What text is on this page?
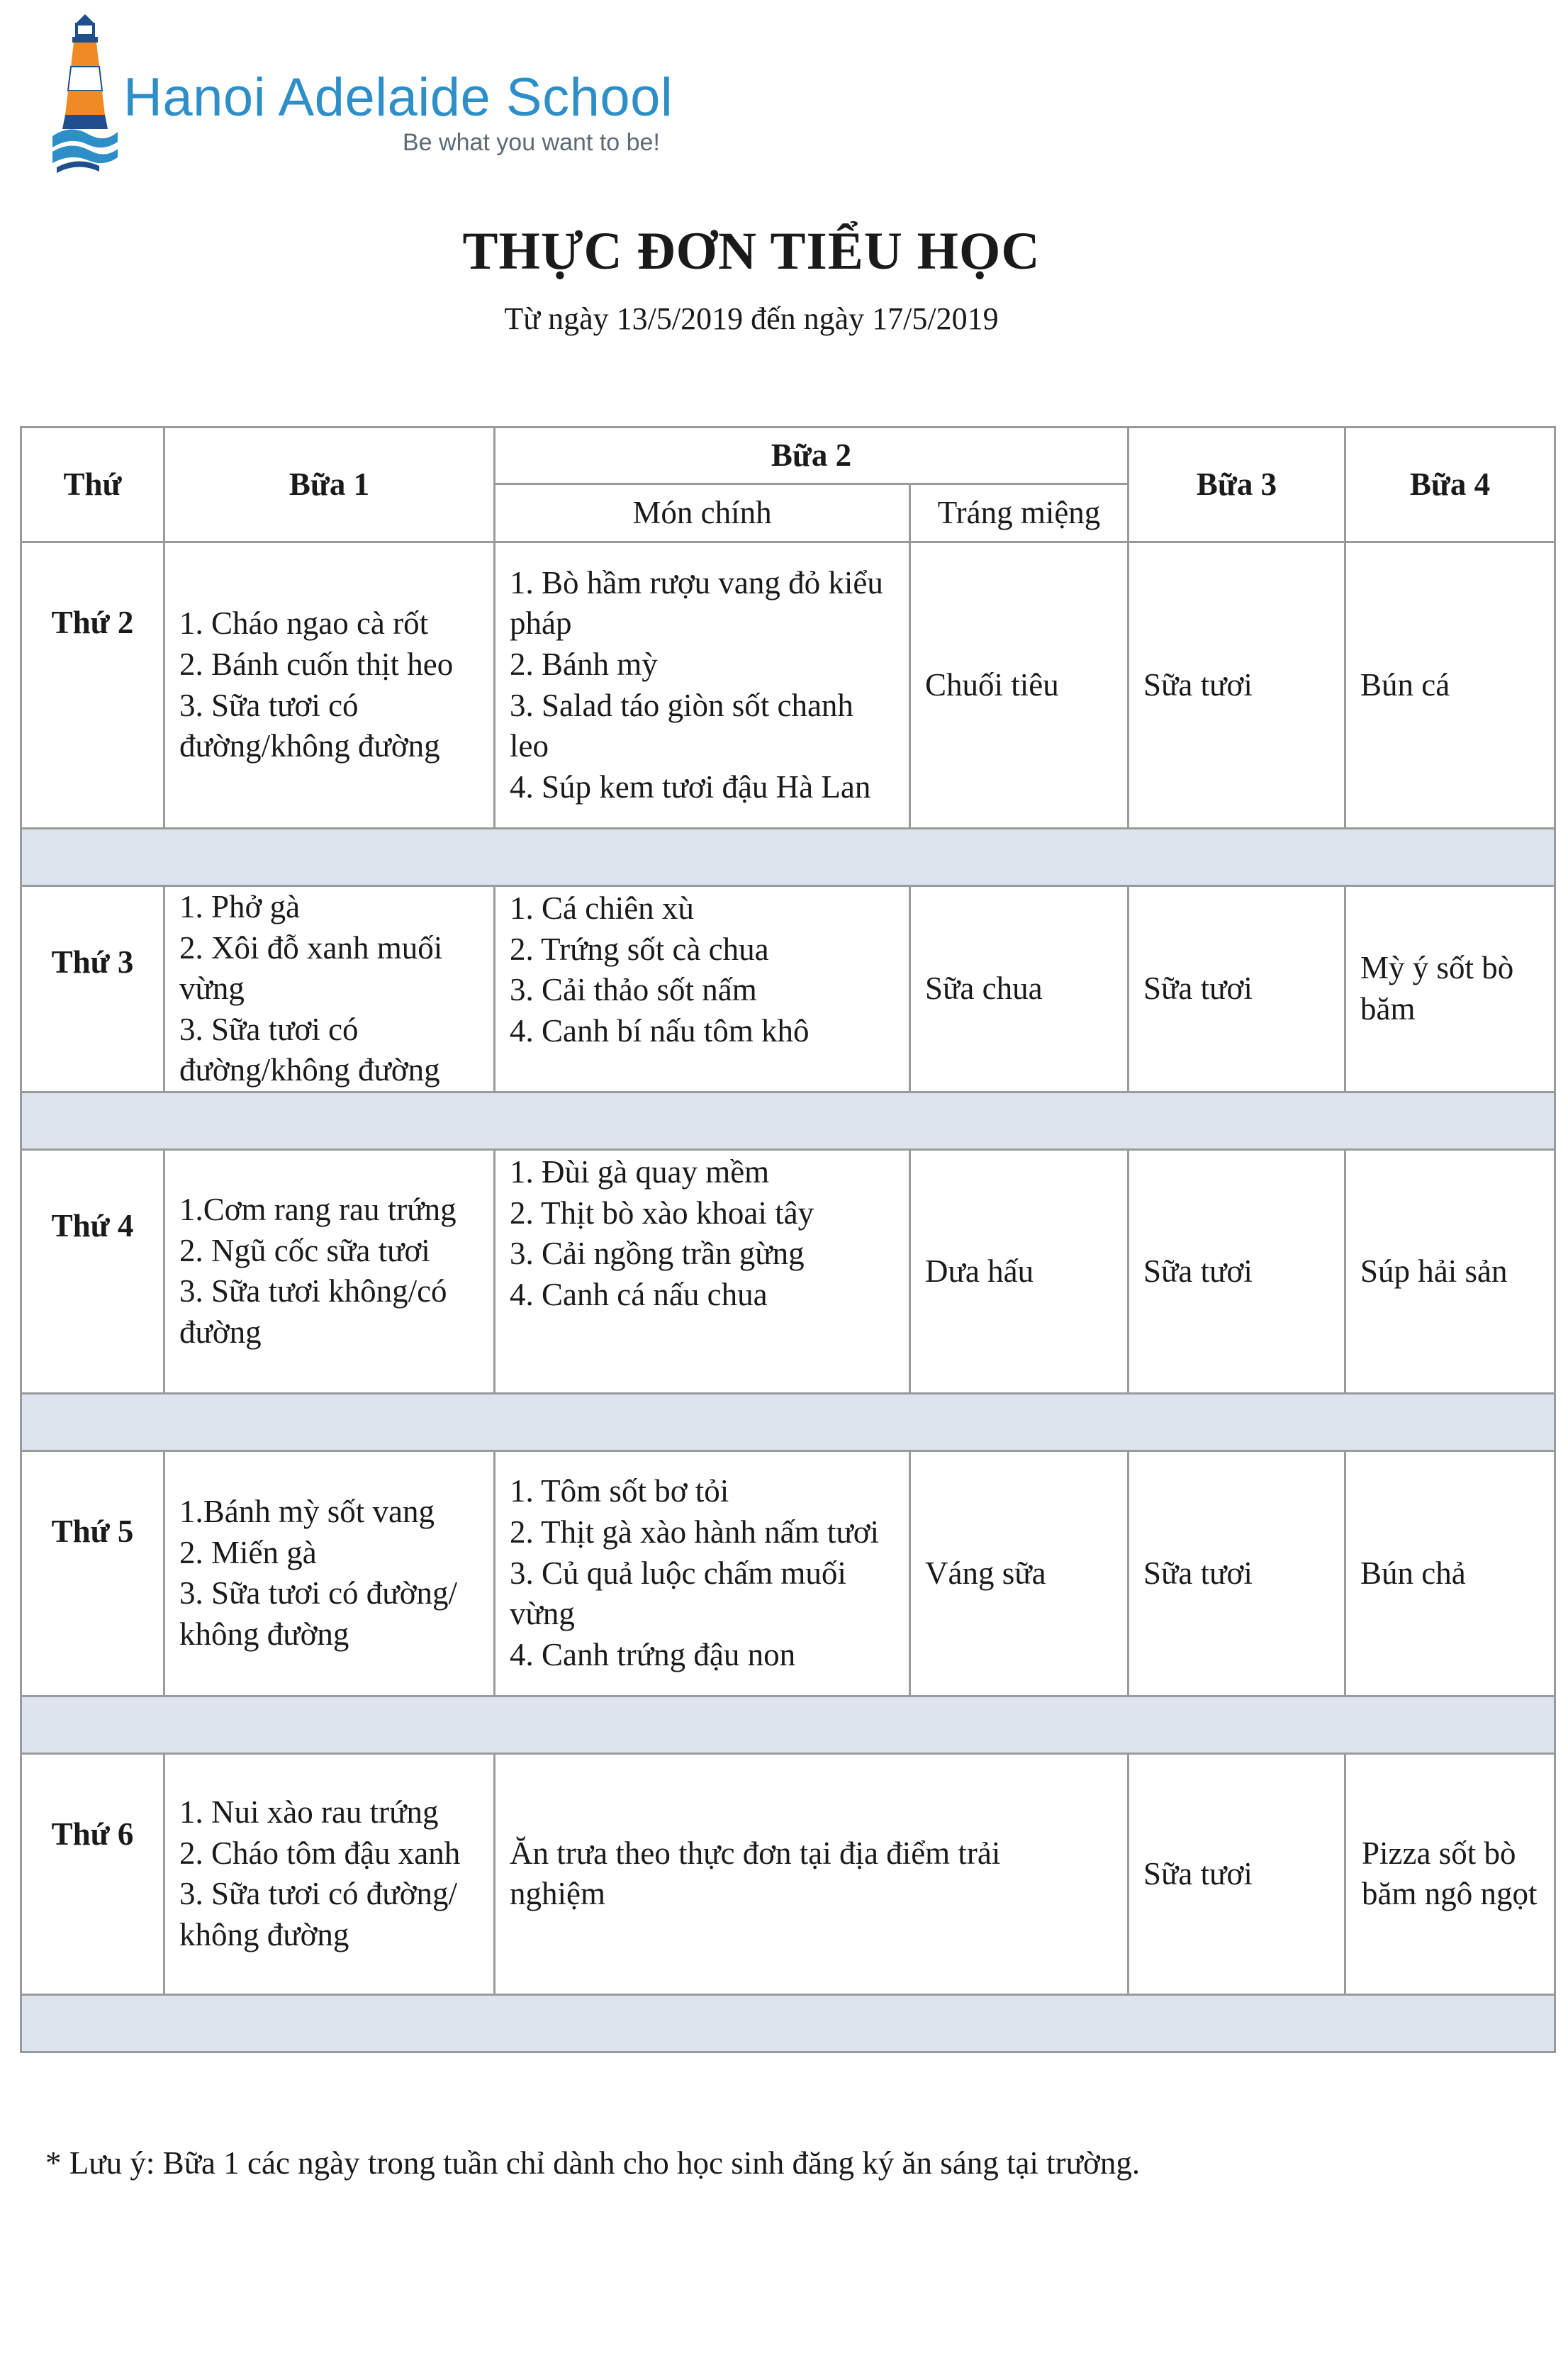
Hanoi Adelaide School
Be what you want to be!
THỰC ĐƠN TIỂU HỌC
Từ ngày 13/5/2019 đến ngày 17/5/2019
Thứ	Bữa 1	Bữa 2		Bữa 3	Bữa 4
		Món chính	Tráng miệng		
Thứ 2	1. Cháo ngao cà rốt
2. Bánh cuốn thịt heo
3. Sữa tươi có đường/không đường	1. Bò hầm rượu vang đỏ kiểu pháp
2. Bánh mỳ
3. Salad táo giòn sốt chanh leo
4. Súp kem tươi đậu Hà Lan	Chuối tiêu	Sữa tươi	Bún cá

Thứ 3	1. Phở gà
2. Xôi đỗ xanh muối vừng
3. Sữa tươi có đường/không đường	1. Cá chiên xù
2. Trứng sốt cà chua
3. Cải thảo sốt nấm
4. Canh bí nấu tôm khô	Sữa chua	Sữa tươi	Mỳ ý sốt bò băm

Thứ 4	1.Cơm rang rau trứng
2. Ngũ cốc sữa tươi
3. Sữa tươi không/có đường	1. Đùi gà quay mềm
2. Thịt bò xào khoai tây
3. Cải ngồng trần gừng
4. Canh cá nấu chua	Dưa hấu	Sữa tươi	Súp hải sản

Thứ 5	1.Bánh mỳ sốt vang
2. Miến gà
3. Sữa tươi có đường/ không đường	1. Tôm sốt bơ tỏi
2. Thịt gà xào hành nấm tươi
3. Củ quả luộc chấm muối vừng
4. Canh trứng đậu non	Váng sữa	Sữa tươi	Bún chả

Thứ 6	1. Nui xào rau trứng
2. Cháo tôm đậu xanh
3. Sữa tươi có đường/ không đường	Ăn trưa theo thực đơn tại địa điểm trải nghiệm		Sữa tươi	Pizza sốt bò băm ngô ngọt

* Lưu ý: Bữa 1 các ngày trong tuần chỉ dành cho học sinh đăng ký ăn sáng tại trường.
